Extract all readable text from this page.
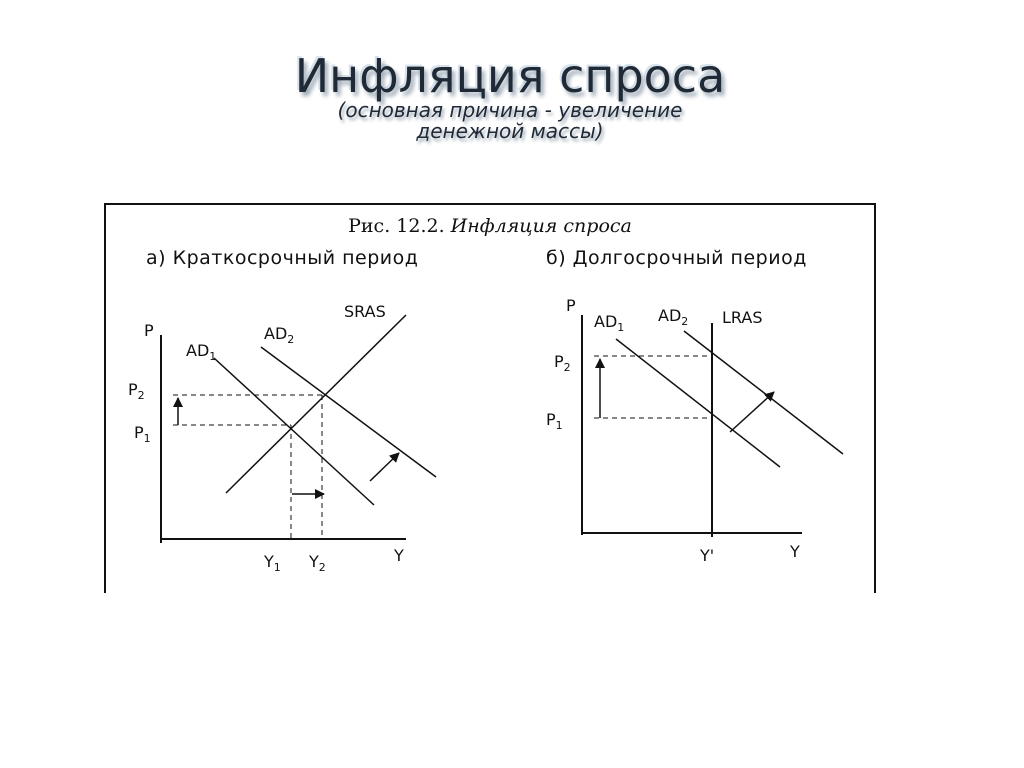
Инфляция спроса
(основная причина - увеличение
денежной массы)
Рис. 12.2. Инфляция спроса
а) Краткосрочный период	б) Долгосрочный период
P
Y
$AD_1$
$AD_2$
SRAS
$P_2$
$P_1$
$Y_1$ $Y_2$
P
Y
$AD_1$
$AD_2$ LRAS
$P_2$
$P_1$
Y'
